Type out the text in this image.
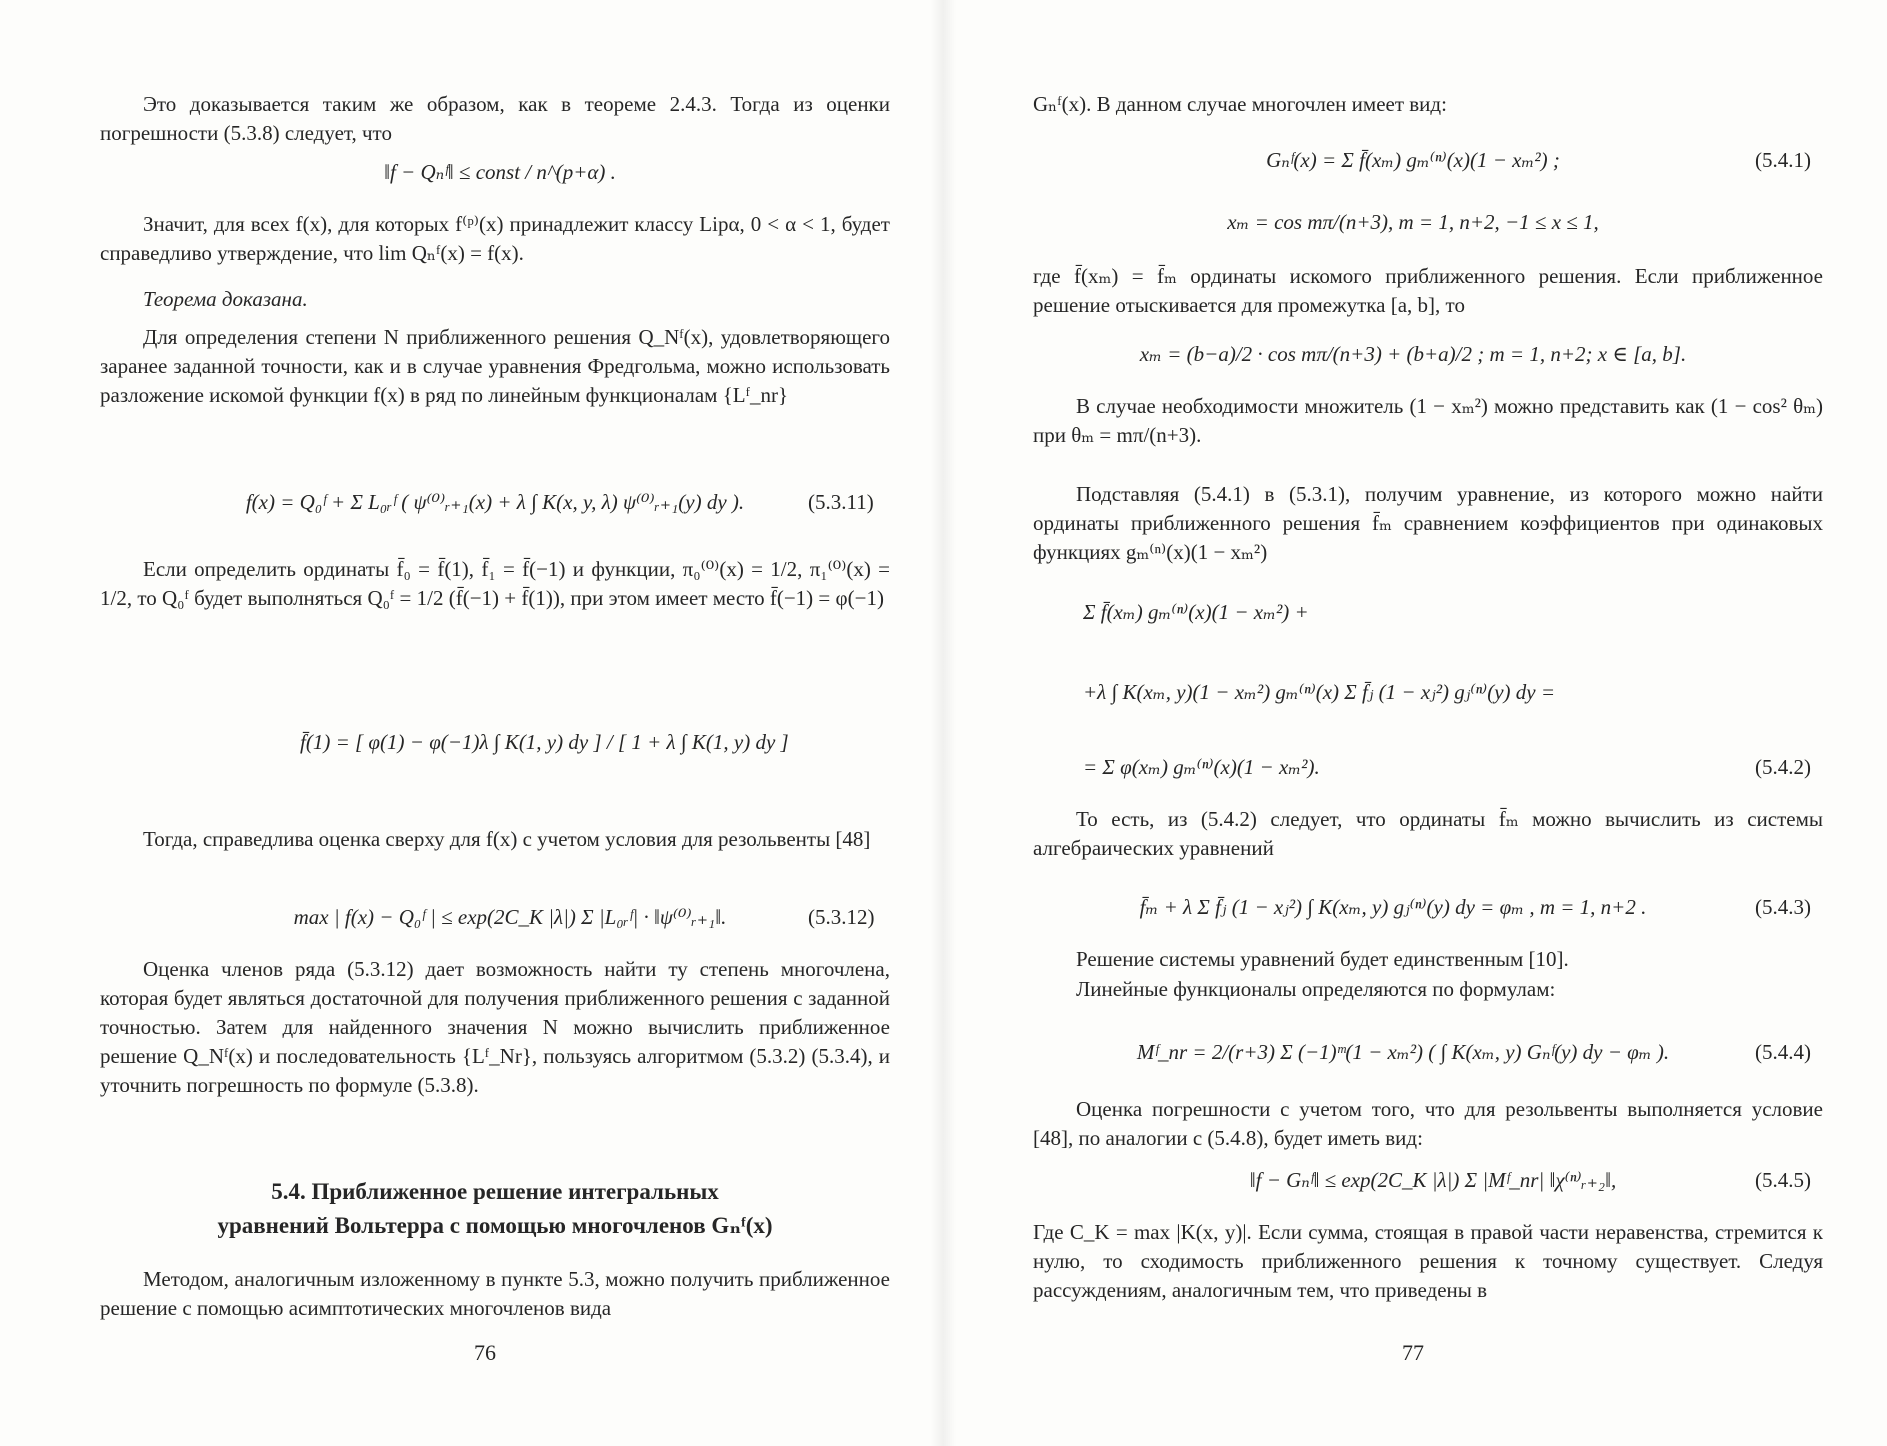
Это доказывается таким же образом, как в теореме 2.4.3. Тогда из оценки погрешности (5.3.8) следует, что

‖f − Qₙᶠ‖ ≤ const / n^(p+α) .

Значит, для всех f(x), для которых f⁽ᵖ⁾(x) принадлежит классу Lipα, 0 < α < 1, будет справедливо утверждение, что lim Qₙᶠ(x) = f(x).

Теорема доказана.

Для определения степени N приближенного решения Q_Nᶠ(x), удовлетворяющего заранее заданной точности, как и в случае уравнения Фредгольма, можно использовать разложение искомой функции f(x) в ряд по линейным функционалам {Lᶠ_nr}

f(x) = Q₀ᶠ + Σ L₀ᵣᶠ ( ψ⁽⁰⁾ᵣ₊₁(x) + λ ∫ K(x, y, λ) ψ⁽⁰⁾ᵣ₊₁(y) dy ).	(5.3.11)

Если определить ординаты f̄₀ = f̄(1), f̄₁ = f̄(−1) и функции, π₀⁽⁰⁾(x) = 1/2, π₁⁽⁰⁾(x) = 1/2, то Q₀ᶠ будет выполняться Q₀ᶠ = 1/2 (f̄(−1) + f̄(1)), при этом имеет место f̄(−1) = φ(−1)

f̄(1) = [ φ(1) − φ(−1)λ ∫ K(1, y) dy ] / [ 1 + λ ∫ K(1, y) dy ]

Тогда, справедлива оценка сверху для f(x) с учетом условия для резольвенты [48]

max | f(x) − Q₀ᶠ | ≤ exp(2C_K |λ|) Σ |L₀ᵣᶠ| · ‖ψ⁽⁰⁾ᵣ₊₁‖.	(5.3.12)

Оценка членов ряда (5.3.12) дает возможность найти ту степень многочлена, которая будет являться достаточной для получения приближенного решения с заданной точностью. Затем для найденного значения N можно вычислить приближенное решение Q_Nᶠ(x) и последовательность {Lᶠ_Nr}, пользуясь алгоритмом (5.3.2) (5.3.4), и уточнить погрешность по формуле (5.3.8).

5.4. Приближенное решение интегральных
уравнений Вольтерра с помощью многочленов Gₙᶠ(x)

Методом, аналогичным изложенному в пункте 5.3, можно получить приближенное решение с помощью асимптотических многочленов вида

76

Gₙᶠ(x). В данном случае многочлен имеет вид:

Gₙᶠ(x) = Σ f̄(xₘ) gₘ⁽ⁿ⁾(x)(1 − xₘ²) ;	(5.4.1)
xₘ = cos mπ/(n+3), m = 1, n+2, −1 ≤ x ≤ 1,

где f̄(xₘ) = f̄ₘ ординаты искомого приближенного решения. Если приближенное решение отыскивается для промежутка [a, b], то

xₘ = (b−a)/2 · cos mπ/(n+3) + (b+a)/2 ; m = 1, n+2; x ∈ [a, b].

В случае необходимости множитель (1 − xₘ²) можно представить как (1 − cos² θₘ) при θₘ = mπ/(n+3).

Подставляя (5.4.1) в (5.3.1), получим уравнение, из которого можно найти ординаты приближенного решения f̄ₘ сравнением коэффициентов при одинаковых функциях gₘ⁽ⁿ⁾(x)(1 − xₘ²)

Σ f̄(xₘ) gₘ⁽ⁿ⁾(x)(1 − xₘ²) +
+λ ∫ K(xₘ, y)(1 − xₘ²) gₘ⁽ⁿ⁾(x) Σ f̄ⱼ (1 − xⱼ²) gⱼ⁽ⁿ⁾(y) dy =
= Σ φ(xₘ) gₘ⁽ⁿ⁾(x)(1 − xₘ²).	(5.4.2)

То есть, из (5.4.2) следует, что ординаты f̄ₘ можно вычислить из системы алгебраических уравнений

f̄ₘ + λ Σ f̄ⱼ (1 − xⱼ²) ∫ K(xₘ, y) gⱼ⁽ⁿ⁾(y) dy = φₘ , m = 1, n+2 .	(5.4.3)

Решение системы уравнений будет единственным [10].

Линейные функционалы определяются по формулам:

Mᶠ_nr = 2/(r+3) Σ (−1)ᵐ(1 − xₘ²) ( ∫ K(xₘ, y) Gₙᶠ(y) dy − φₘ ).	(5.4.4)

Оценка погрешности с учетом того, что для резольвенты выполняется условие [48], по аналогии с (5.4.8), будет иметь вид:

‖f − Gₙᶠ‖ ≤ exp(2C_K |λ|) Σ |Mᶠ_nr| ‖χ⁽ⁿ⁾ᵣ₊₂‖,	(5.4.5)

Где C_K = max |K(x, y)|. Если сумма, стоящая в правой части неравенства, стремится к нулю, то сходимость приближенного решения к точному существует. Следуя рассуждениям, аналогичным тем, что приведены в

77
